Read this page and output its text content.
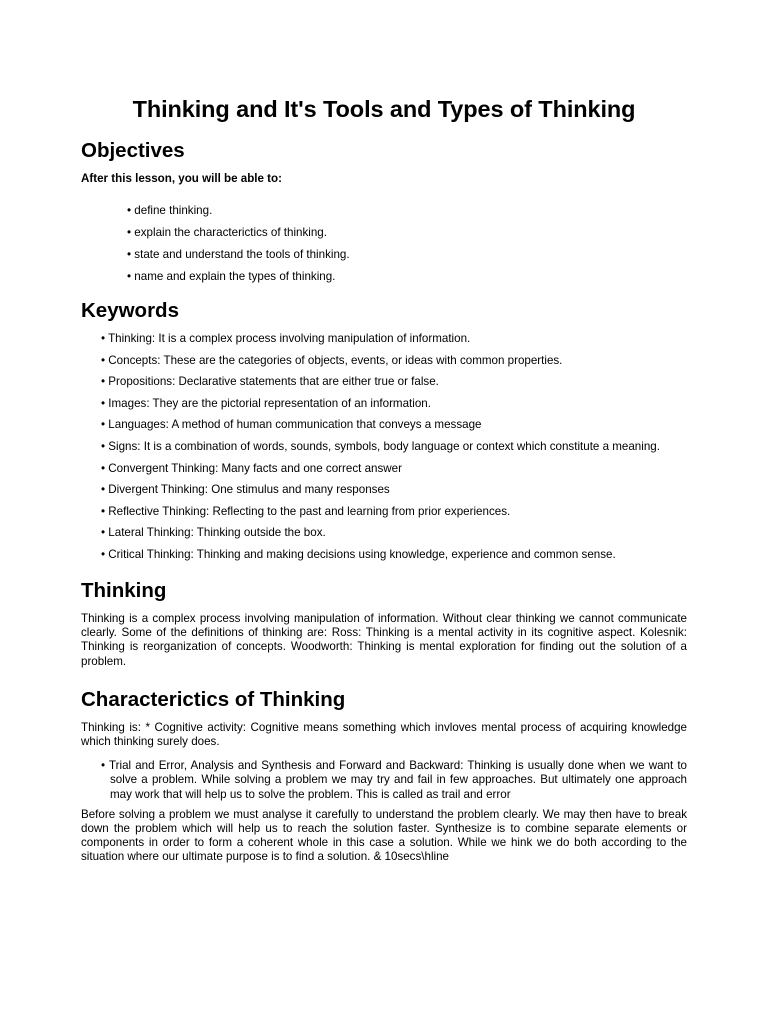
Thinking and It's Tools and Types of Thinking
Objectives
After this lesson, you will be able to:
• define thinking.
• explain the characterictics of thinking.
• state and understand the tools of thinking.
• name and explain the types of thinking.
Keywords
• Thinking: It is a complex process involving manipulation of information.
• Concepts: These are the categories of objects, events, or ideas with common properties.
• Propositions: Declarative statements that are either true or false.
• Images: They are the pictorial representation of an information.
• Languages: A method of human communication that conveys a message
• Signs: It is a combination of words, sounds, symbols, body language or context which constitute a meaning.
• Convergent Thinking: Many facts and one correct answer
• Divergent Thinking: One stimulus and many responses
• Reflective Thinking: Reflecting to the past and learning from prior experiences.
• Lateral Thinking: Thinking outside the box.
• Critical Thinking: Thinking and making decisions using knowledge, experience and common sense.
Thinking

Thinking is a complex process involving manipulation of information. Without clear thinking we cannot communicate clearly. Some of the definitions of thinking are: Ross: Thinking is a mental activity in its cognitive aspect. Kolesnik: Thinking is reorganization of concepts. Woodworth: Thinking is mental exploration for finding out the solution of a problem.

Characterictics of Thinking

Thinking is: * Cognitive activity: Cognitive means something which invloves mental process of acquiring knowledge which thinking surely does.

• Trial and Error, Analysis and Synthesis and Forward and Backward: Thinking is usually done when we want to solve a problem. While solving a problem we may try and fail in few approaches. But ultimately one approach may work that will help us to solve the problem. This is called as trail and error

Before solving a problem we must analyse it carefully to understand the problem clearly. We may then have to break down the problem which will help us to reach the solution faster. Synthesize is to combine separate elements or components in order to form a coherent whole in this case a solution. While we hink we do both according to the situation where our ultimate purpose is to find a solution. & 10secs\hline
